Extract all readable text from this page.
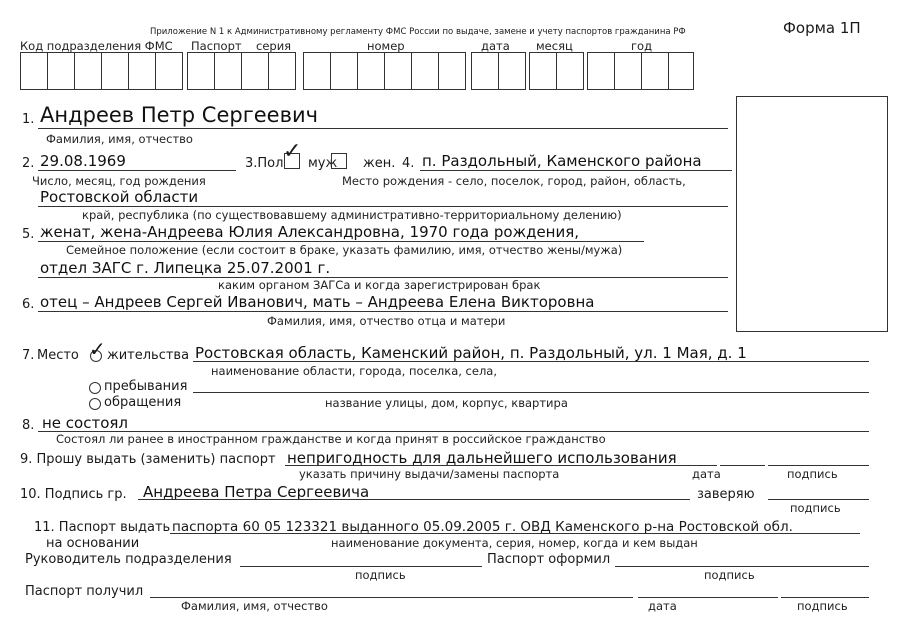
Приложение N 1 к Административному регламенту ФМС России по выдаче, замене и учету паспортов гражданина РФ	Форма 1П
Код подразделения ФМС Паспорт серия	номер	дата месяц	год
1. Андреев Петр Сергеевич
Фамилия, имя, отчество
2. 29.08.1969
Число, месяц, год рождения
3.Пол ✓ муж жен. 4. п. Раздольный, Каменского района
Место рождения - село, поселок, город, район, область,
Ростовской области
край, республика (по существовавшему административно-территориальному делению)
5. женат, жена-Андреева Юлия Александровна, 1970 года рождения,
Семейное положение (если состоит в браке, указать фамилию, имя, отчество жены/мужа)
отдел ЗАГС г. Липецка 25.07.2001 г.
каким органом ЗАГСа и когда зарегистрирован брак
6. отец – Андреев Сергей Иванович, мать – Андреева Елена Викторовна
Фамилия, имя, отчество отца и матери
7. Место ✓ жительства Ростовская область, Каменский район, п. Раздольный, ул. 1 Мая, д. 1
наименование области, города, поселка, села,
пребывания
обращения	название улицы, дом, корпус, квартира
8. не состоял
Состоял ли ранее в иностранном гражданстве и когда принят в российское гражданство
9. Прошу выдать (заменить) паспорт непригодность для дальнейшего использования
указать причину выдачи/замены паспорта	дата	подпись
10. Подпись гр. Андреева Петра Сергеевича	заверяю
подпись
11. Паспорт выдать паспорта 60 05 123321 выданного 05.09.2005 г. ОВД Каменского р-на Ростовской обл.
на основании	наименование документа, серия, номер, когда и кем выдан
Руководитель подразделения	Паспорт оформил
подпись	подпись
Паспорт получил
Фамилия, имя, отчество	дата	подпись
